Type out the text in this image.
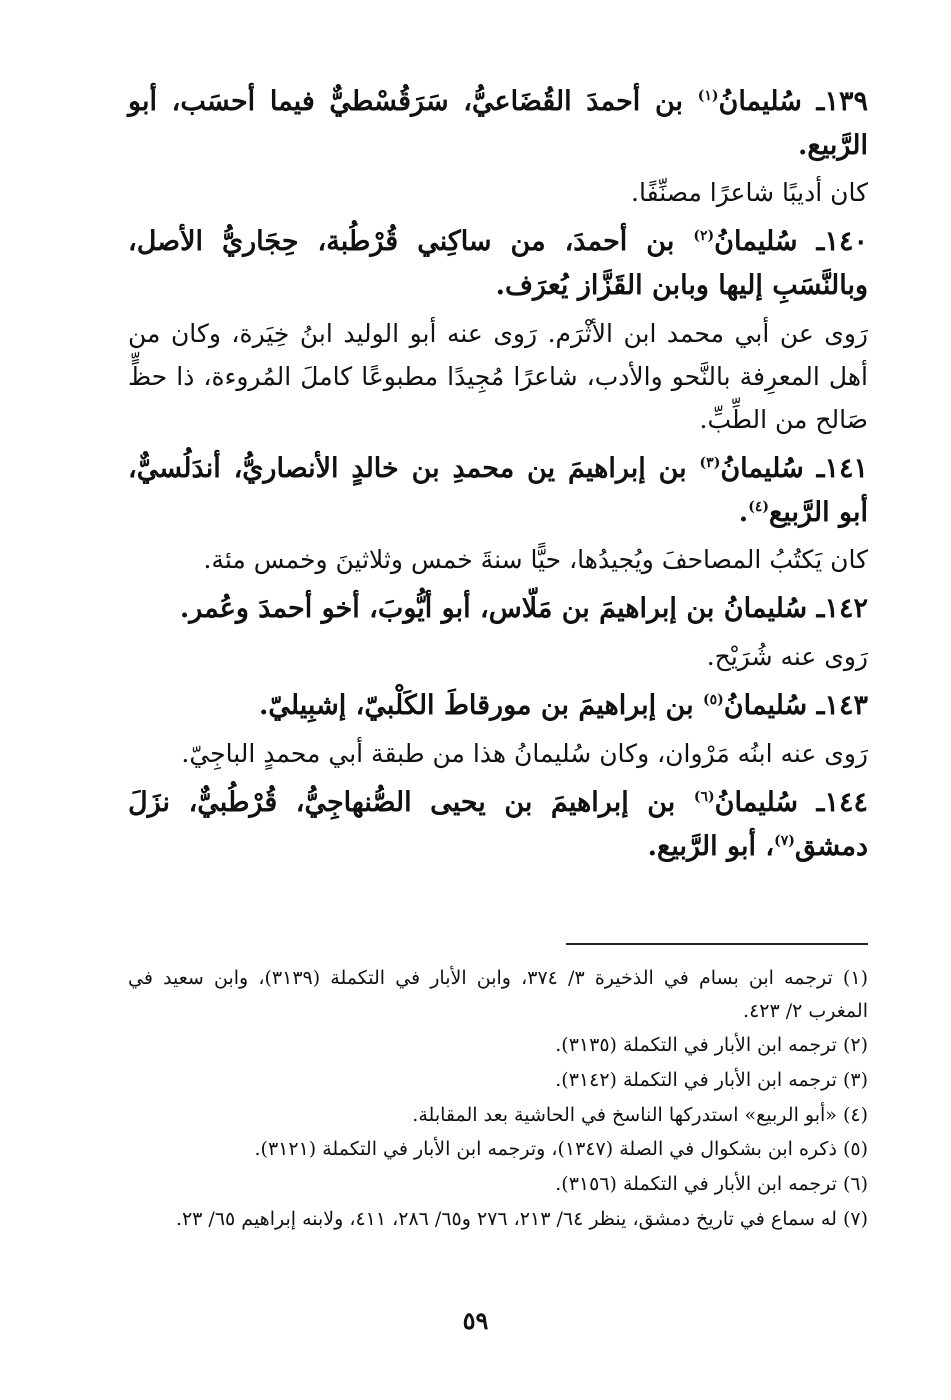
١٣٩ـ سُليمانُ$^{(١)}$ بن أحمدَ القُضَاعيُّ، سَرَقُسْطيٌّ فيما أحسَب، أبو الرَّبيع.

كان أديبًا شاعرًا مصنِّفًا.

١٤٠ـ سُليمانُ$^{(٢)}$ بن أحمدَ، من ساكِني قُرْطُبة، حِجَاريُّ الأصل، وبالنَّسَبِ إليها وبابن القَزَّاز يُعرَف.

رَوى عن أبي محمد ابن الأثْرَم. رَوى عنه أبو الوليد ابنُ خِيَرة، وكان من أهل المعرِفة بالنَّحو والأدب، شاعرًا مُجِيدًا مطبوعًا كاملَ المُروءة، ذا حظٍّ صَالح من الطِّبِّ.

١٤١ـ سُليمانُ$^{(٣)}$ بن إبراهيمَ ين محمدِ بن خالدٍ الأنصاريُّ، أندَلُسيٌّ، أبو الرَّبيع$^{(٤)}$.

كان يَكتُبُ المصاحفَ ويُجيدُها، حيًّا سنةَ خمس وثلاثينَ وخمس مئة.

١٤٢ـ سُليمانُ بن إبراهيمَ بن مَلّاس، أبو أيُّوبَ، أخو أحمدَ وعُمر.

رَوى عنه شُرَيْح.

١٤٣ـ سُليمانُ$^{(٥)}$ بن إبراهيمَ بن مورقاطَ الكَلْبيّ، إشبِيليّ.

رَوى عنه ابنُه مَرْوان، وكان سُليمانُ هذا من طبقة أبي محمدٍ الباجِيّ.

١٤٤ـ سُليمانُ$^{(٦)}$ بن إبراهيمَ بن يحيى الصُّنهاجِيُّ، قُرْطُبيٌّ، نزَلَ دمشق$^{(٧)}$، أبو الرَّبيع.

(١) ترجمه ابن بسام في الذخيرة ٣/ ٣٧٤، وابن الأبار في التكملة (٣١٣٩)، وابن سعيد في المغرب ٢/ ٤٢٣.

(٢) ترجمه ابن الأبار في التكملة (٣١٣٥).

(٣) ترجمه ابن الأبار في التكملة (٣١٤٢).

(٤) «أبو الربيع» استدركها الناسخ في الحاشية بعد المقابلة.

(٥) ذكره ابن بشكوال في الصلة (١٣٤٧)، وترجمه ابن الأبار في التكملة (٣١٢١).

(٦) ترجمه ابن الأبار في التكملة (٣١٥٦).

(٧) له سماع في تاريخ دمشق، ينظر ٦٤/ ٢١٣، ٢٧٦ و٦٥/ ٢٨٦، ٤١١، ولابنه إبراهيم ٦٥/ ٢٣.

٥٩
